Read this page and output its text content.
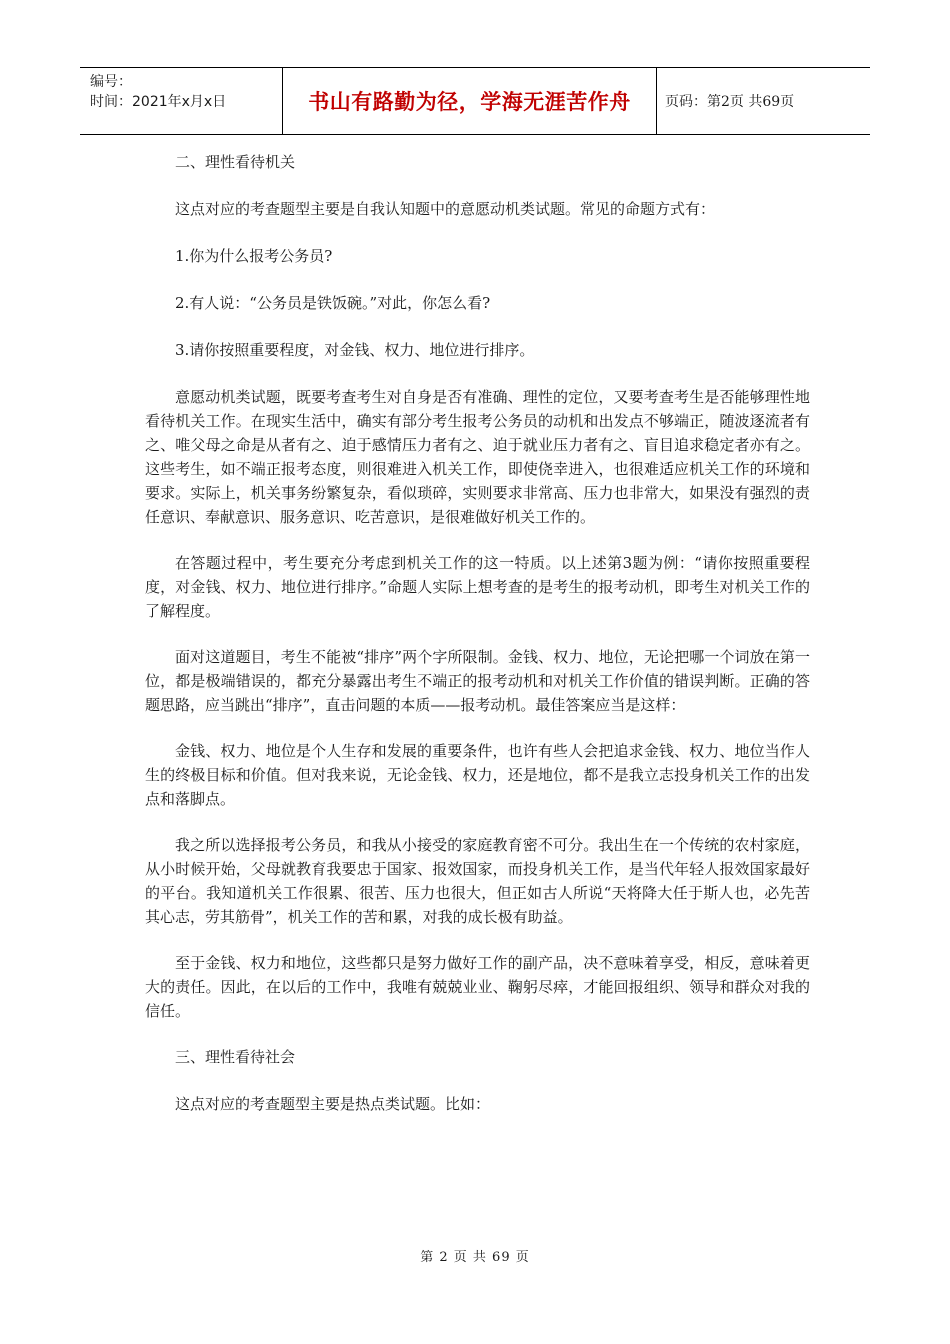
编号：
时间：2021年x月x日	书山有路勤为径，学海无涯苦作舟	页码：第2页 共69页

二、理性看待机关

这点对应的考查题型主要是自我认知题中的意愿动机类试题。常见的命题方式有：

1.你为什么报考公务员?

2.有人说：“公务员是铁饭碗。”对此，你怎么看?

3.请你按照重要程度，对金钱、权力、地位进行排序。

意愿动机类试题，既要考查考生对自身是否有准确、理性的定位，又要考查考生是否能够理性地看待机关工作。在现实生活中，确实有部分考生报考公务员的动机和出发点不够端正，随波逐流者有之、唯父母之命是从者有之、迫于感情压力者有之、迫于就业压力者有之、盲目追求稳定者亦有之。这些考生，如不端正报考态度，则很难进入机关工作，即使侥幸进入，也很难适应机关工作的环境和要求。实际上，机关事务纷繁复杂，看似琐碎，实则要求非常高、压力也非常大，如果没有强烈的责任意识、奉献意识、服务意识、吃苦意识，是很难做好机关工作的。

在答题过程中，考生要充分考虑到机关工作的这一特质。以上述第3题为例：“请你按照重要程度，对金钱、权力、地位进行排序。”命题人实际上想考查的是考生的报考动机，即考生对机关工作的了解程度。

面对这道题目，考生不能被“排序”两个字所限制。金钱、权力、地位，无论把哪一个词放在第一位，都是极端错误的，都充分暴露出考生不端正的报考动机和对机关工作价值的错误判断。正确的答题思路，应当跳出“排序”，直击问题的本质——报考动机。最佳答案应当是这样：

金钱、权力、地位是个人生存和发展的重要条件，也许有些人会把追求金钱、权力、地位当作人生的终极目标和价值。但对我来说，无论金钱、权力，还是地位，都不是我立志投身机关工作的出发点和落脚点。

我之所以选择报考公务员，和我从小接受的家庭教育密不可分。我出生在一个传统的农村家庭，从小时候开始，父母就教育我要忠于国家、报效国家，而投身机关工作，是当代年轻人报效国家最好的平台。我知道机关工作很累、很苦、压力也很大，但正如古人所说“天将降大任于斯人也，必先苦其心志，劳其筋骨”，机关工作的苦和累，对我的成长极有助益。

至于金钱、权力和地位，这些都只是努力做好工作的副产品，决不意味着享受，相反，意味着更大的责任。因此，在以后的工作中，我唯有兢兢业业、鞠躬尽瘁，才能回报组织、领导和群众对我的信任。

三、理性看待社会

这点对应的考查题型主要是热点类试题。比如：

第 2 页 共 69 页
